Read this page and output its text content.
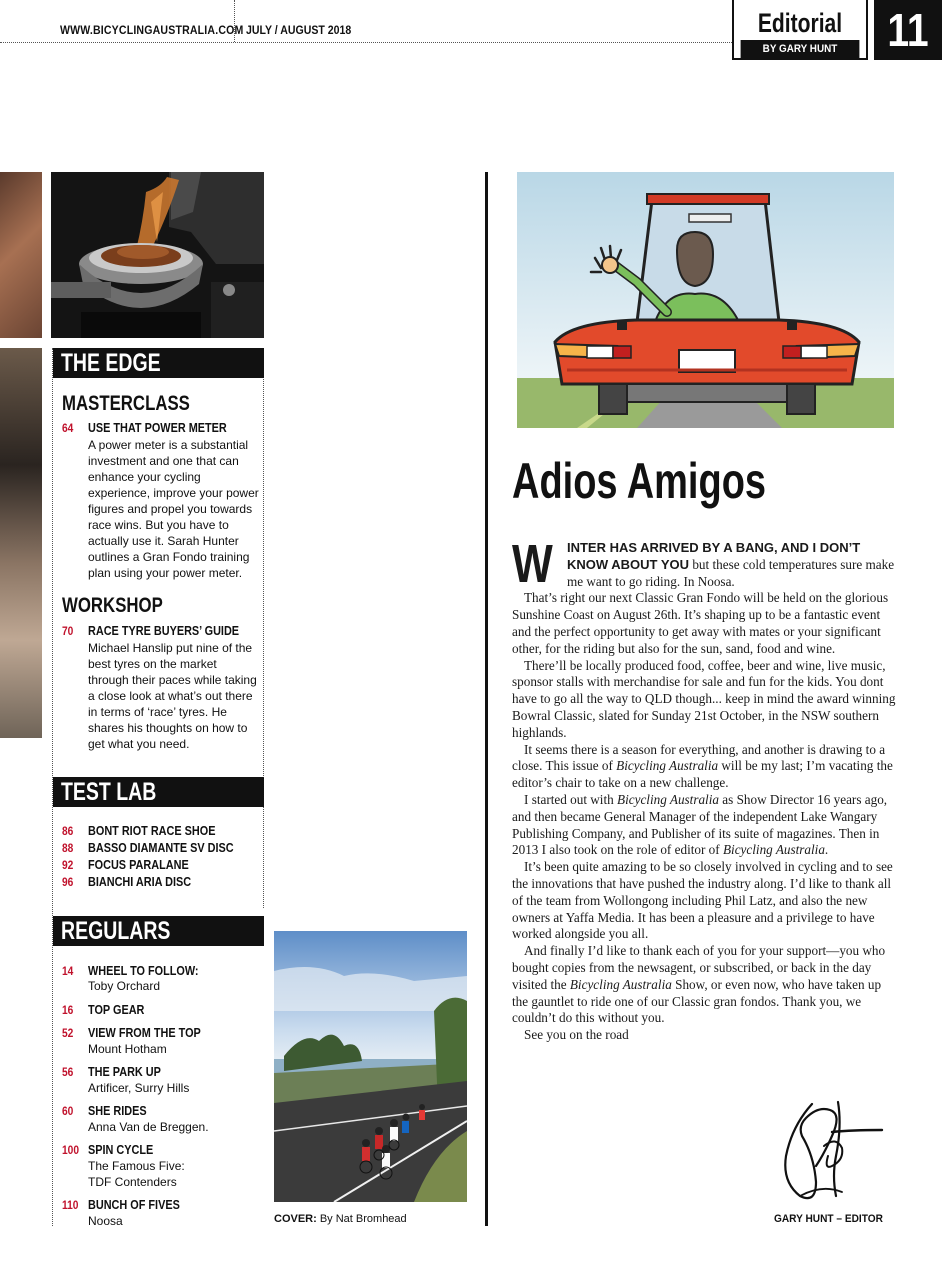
WWW.BICYCLINGAUSTRALIA.COM JULY / AUGUST 2018	Editorial
BY GARY HUNT	11
THE EDGE
MASTERCLASS
64 USE THAT POWER METER
A power meter is a substantial investment and one that can enhance your cycling experience, improve your power figures and propel you towards race wins. But you have to actually use it. Sarah Hunter outlines a Gran Fondo training plan using your power meter.
WORKSHOP
70 RACE TYRE BUYERS’ GUIDE
Michael Hanslip put nine of the best tyres on the market through their paces while taking a close look at what’s out there in terms of ‘race’ tyres. He shares his thoughts on how to get what you need.
TEST LAB
86 BONT RIOT RACE SHOE
88 BASSO DIAMANTE SV DISC
92 FOCUS PARALANE
96 BIANCHI ARIA DISC
REGULARS
14 WHEEL TO FOLLOW:
Toby Orchard
16 TOP GEAR
52 VIEW FROM THE TOP
Mount Hotham
56 THE PARK UP
Artificer, Surry Hills
60 SHE RIDES
Anna Van de Breggen.
100 SPIN CYCLE
The Famous Five:
TDF Contenders
110 BUNCH OF FIVES
Noosa	COVER: By Nat Bromhead
Adios Amigos

W INTER HAS ARRIVED BY A BANG, AND I DON’T KNOW ABOUT YOU but these cold temperatures sure make me want to go riding. In Noosa.

That’s right our next Classic Gran Fondo will be held on the glorious Sunshine Coast on August 26th. It’s shaping up to be a fantastic event and the perfect opportunity to get away with mates or your significant other, for the riding but also for the sun, sand, food and wine.

There’ll be locally produced food, coffee, beer and wine, live music, sponsor stalls with merchandise for sale and fun for the kids. You dont have to go all the way to QLD though... keep in mind the award winning Bowral Classic, slated for Sunday 21st October, in the NSW southern highlands.

It seems there is a season for everything, and another is drawing to a close. This issue of Bicycling Australia will be my last; I’m vacating the editor’s chair to take on a new challenge.

I started out with Bicycling Australia as Show Director 16 years ago, and then became General Manager of the independent Lake Wangary Publishing Company, and Publisher of its suite of magazines. Then in 2013 I also took on the role of editor of Bicycling Australia.

It’s been quite amazing to be so closely involved in cycling and to see the innovations that have pushed the industry along. I’d like to thank all of the team from Wollongong including Phil Latz, and also the new owners at Yaffa Media. It has been a pleasure and a privilege to have worked alongside you all.

And finally I’d like to thank each of you for your support—you who bought copies from the newsagent, or subscribed, or back in the day visited the Bicycling Australia Show, or even now, who have taken up the gauntlet to ride one of our Classic gran fondos. Thank you, we couldn’t do this without you.

See you on the road

GARY HUNT – EDITOR
